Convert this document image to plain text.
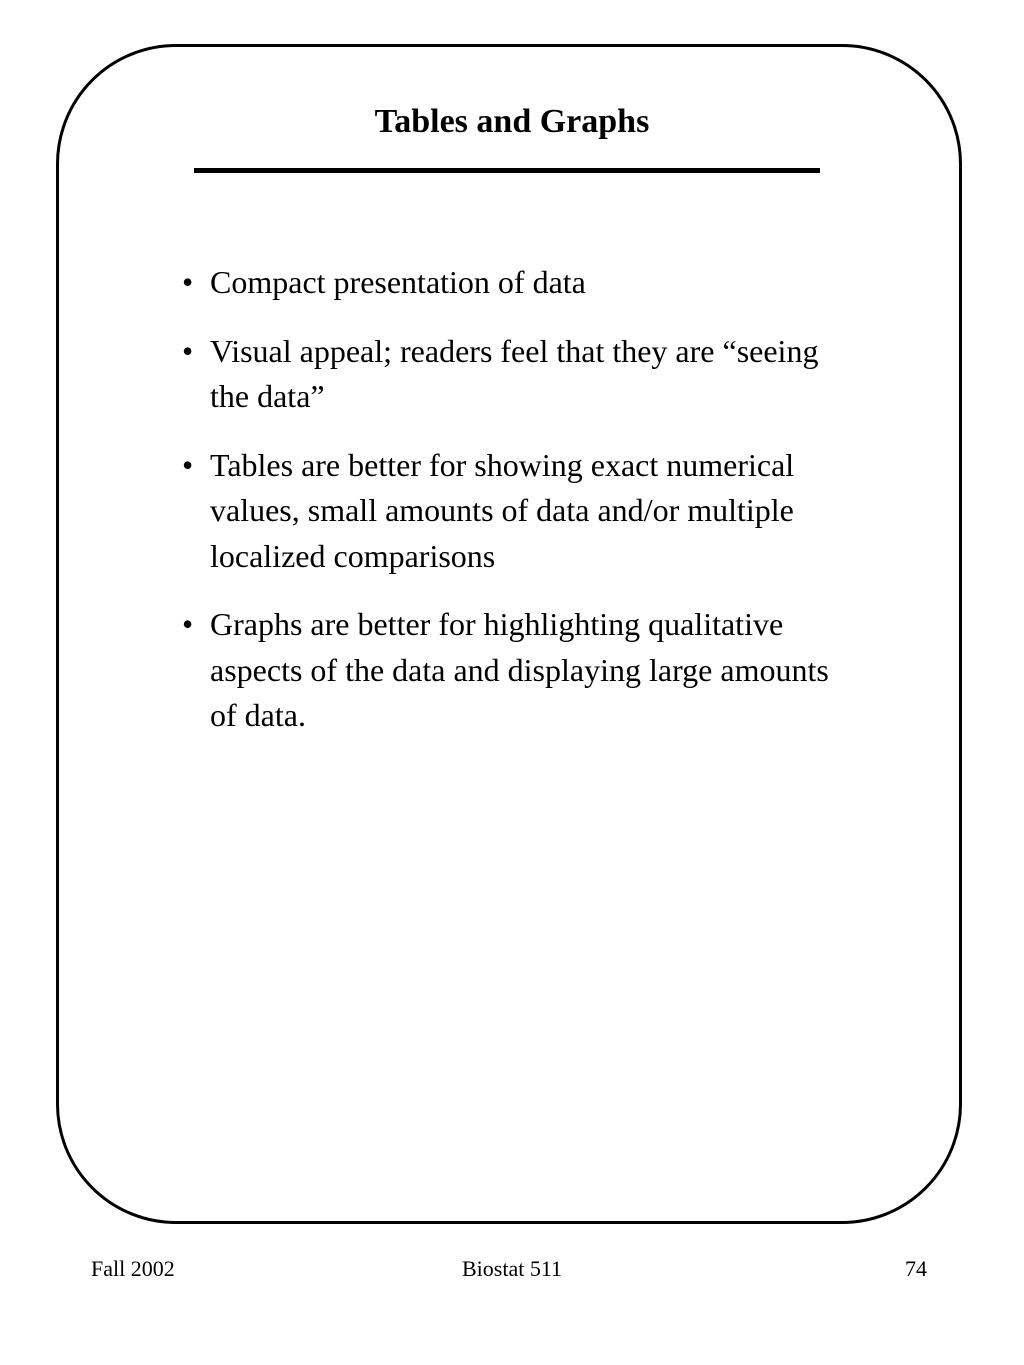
Tables and Graphs
• Compact presentation of data
• Visual appeal; readers feel that they are “seeing the data”
• Tables are better for showing exact numerical values, small amounts of data and/or multiple localized comparisons
• Graphs are better for highlighting qualitative aspects of the data and displaying large amounts of data.
Fall 2002	Biostat 511	74
